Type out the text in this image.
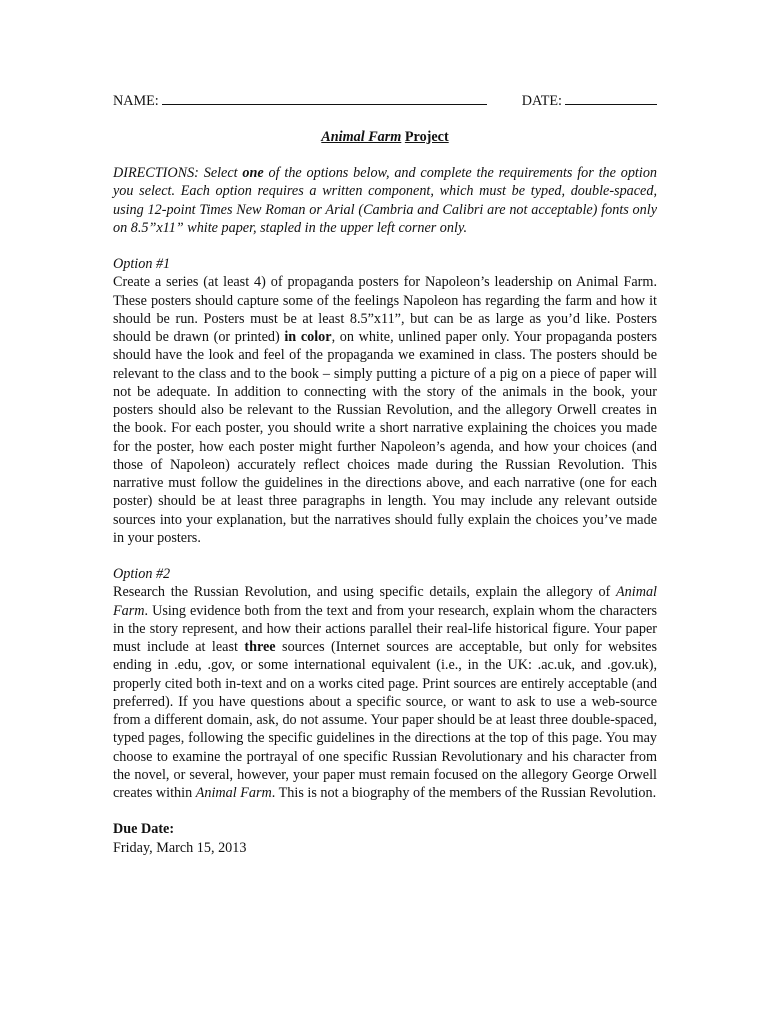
NAME:	DATE:
Animal Farm Project

DIRECTIONS: Select one of the options below, and complete the requirements for the option you select. Each option requires a written component, which must be typed, double-spaced, using 12-point Times New Roman or Arial (Cambria and Calibri are not acceptable) fonts only on 8.5”x11” white paper, stapled in the upper left corner only.

Option #1

Create a series (at least 4) of propaganda posters for Napoleon’s leadership on Animal Farm. These posters should capture some of the feelings Napoleon has regarding the farm and how it should be run. Posters must be at least 8.5”x11”, but can be as large as you’d like. Posters should be drawn (or printed) in color, on white, unlined paper only. Your propaganda posters should have the look and feel of the propaganda we examined in class. The posters should be relevant to the class and to the book – simply putting a picture of a pig on a piece of paper will not be adequate. In addition to connecting with the story of the animals in the book, your posters should also be relevant to the Russian Revolution, and the allegory Orwell creates in the book. For each poster, you should write a short narrative explaining the choices you made for the poster, how each poster might further Napoleon’s agenda, and how your choices (and those of Napoleon) accurately reflect choices made during the Russian Revolution. This narrative must follow the guidelines in the directions above, and each narrative (one for each poster) should be at least three paragraphs in length. You may include any relevant outside sources into your explanation, but the narratives should fully explain the choices you’ve made in your posters.

Option #2

Research the Russian Revolution, and using specific details, explain the allegory of Animal Farm. Using evidence both from the text and from your research, explain whom the characters in the story represent, and how their actions parallel their real-life historical figure. Your paper must include at least three sources (Internet sources are acceptable, but only for websites ending in .edu, .gov, or some international equivalent (i.e., in the UK: .ac.uk, and .gov.uk), properly cited both in-text and on a works cited page. Print sources are entirely acceptable (and preferred). If you have questions about a specific source, or want to ask to use a web-source from a different domain, ask, do not assume. Your paper should be at least three double-spaced, typed pages, following the specific guidelines in the directions at the top of this page. You may choose to examine the portrayal of one specific Russian Revolutionary and his character from the novel, or several, however, your paper must remain focused on the allegory George Orwell creates within Animal Farm. This is not a biography of the members of the Russian Revolution.

Due Date:

Friday, March 15, 2013
